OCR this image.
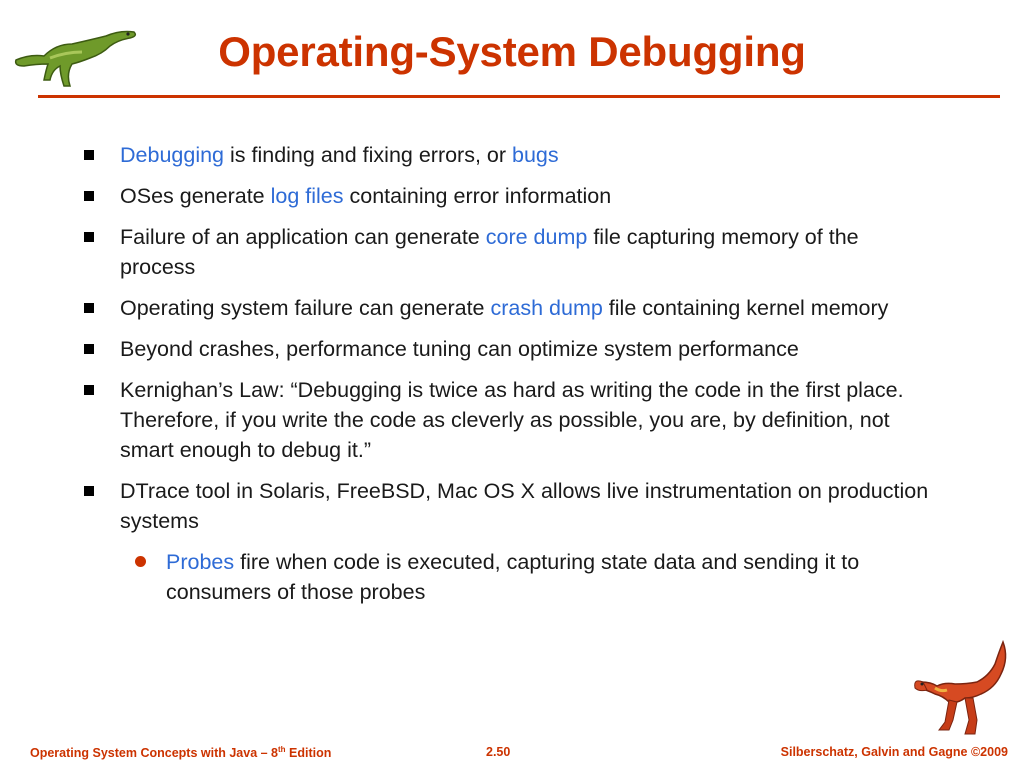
Operating-System Debugging
Debugging is finding and fixing errors, or bugs
OSes generate log files containing error information
Failure of an application can generate core dump file capturing memory of the process
Operating system failure can generate crash dump file containing kernel memory
Beyond crashes, performance tuning can optimize system performance
Kernighan’s Law: “Debugging is twice as hard as writing the code in the first place. Therefore, if you write the code as cleverly as possible, you are, by definition, not smart enough to debug it.”
DTrace tool in Solaris, FreeBSD, Mac OS X allows live instrumentation on production systems
Probes fire when code is executed, capturing state data and sending it to consumers of those probes
Operating System Concepts with Java – 8th Edition	2.50	Silberschatz, Galvin and Gagne ©2009
